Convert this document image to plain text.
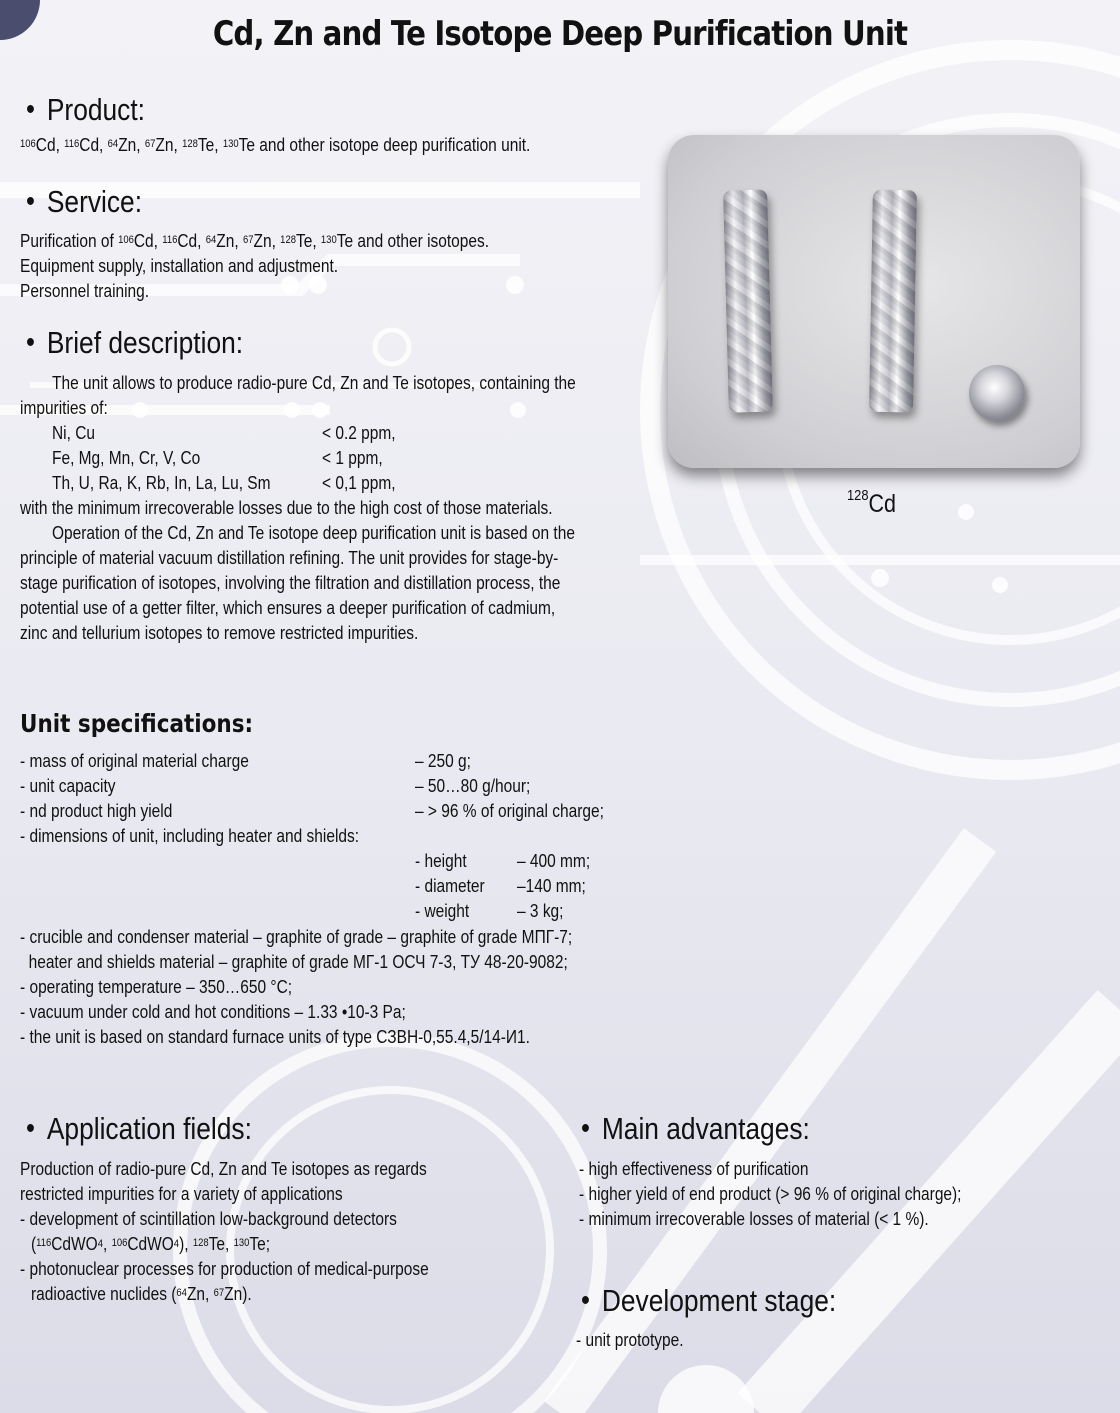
Cd, Zn and Te Isotope Deep Purification Unit
• Product:
$^{106}$Cd, $^{116}$Cd, $^{64}$Zn, $^{67}$Zn, $^{128}$Te, $^{130}$Te and other isotope deep purification unit.
• Service:
Purification of $^{106}$Cd, $^{116}$Cd, $^{64}$Zn, $^{67}$Zn, $^{128}$Te, $^{130}$Te and other isotopes.
Equipment supply, installation and adjustment.
Personnel training.
• Brief description:
The unit allows to produce radio-pure Cd, Zn and Te isotopes, containing the
impurities of:
Ni, Cu	< 0.2 ppm,
Fe, Mg, Mn, Cr, V, Co	< 1 ppm,
Th, U, Ra, K, Rb, In, La, Lu, Sm	< 0,1 ppm,
with the minimum irrecoverable losses due to the high cost of those materials.
Operation of the Cd, Zn and Te isotope deep purification unit is based on the
principle of material vacuum distillation refining. The unit provides for stage-by-
stage purification of isotopes, involving the filtration and distillation process, the
potential use of a getter filter, which ensures a deeper purification of cadmium,
zinc and tellurium isotopes to remove restricted impurities.
$^{128}$Cd
Unit specifications:
- mass of original material charge	– 250 g;
- unit capacity	– 50…80 g/hour;
- nd product high yield	– > 96 % of original charge;
- dimensions of unit, including heater and shields:
- height	– 400 mm;
- diameter –140 mm;
- weight	– 3 kg;
- crucible and condenser material – graphite of grade – graphite of grade МПГ-7;
heater and shields material – graphite of grade МГ-1 ОСЧ 7-3, ТУ 48-20-9082;
- operating temperature – 350…650 °С;
- vacuum under cold and hot conditions – 1.33 •10-3 Pa;
- the unit is based on standard furnace units of type СЗВН-0,55.4,5/14-И1.
• Application fields:
Production of radio-pure Cd, Zn and Te isotopes as regards
restricted impurities for a variety of applications
- development of scintillation low-background detectors
($^{116}$CdWO4, $^{106}$CdWO4), $^{128}$Te, $^{130}$Te;
- photonuclear processes for production of medical-purpose
radioactive nuclides ($^{64}$Zn, $^{67}$Zn).
• Main advantages:
- high effectiveness of purification
- higher yield of end product (> 96 % of original charge);
- minimum irrecoverable losses of material (< 1 %).
• Development stage:
- unit prototype.
